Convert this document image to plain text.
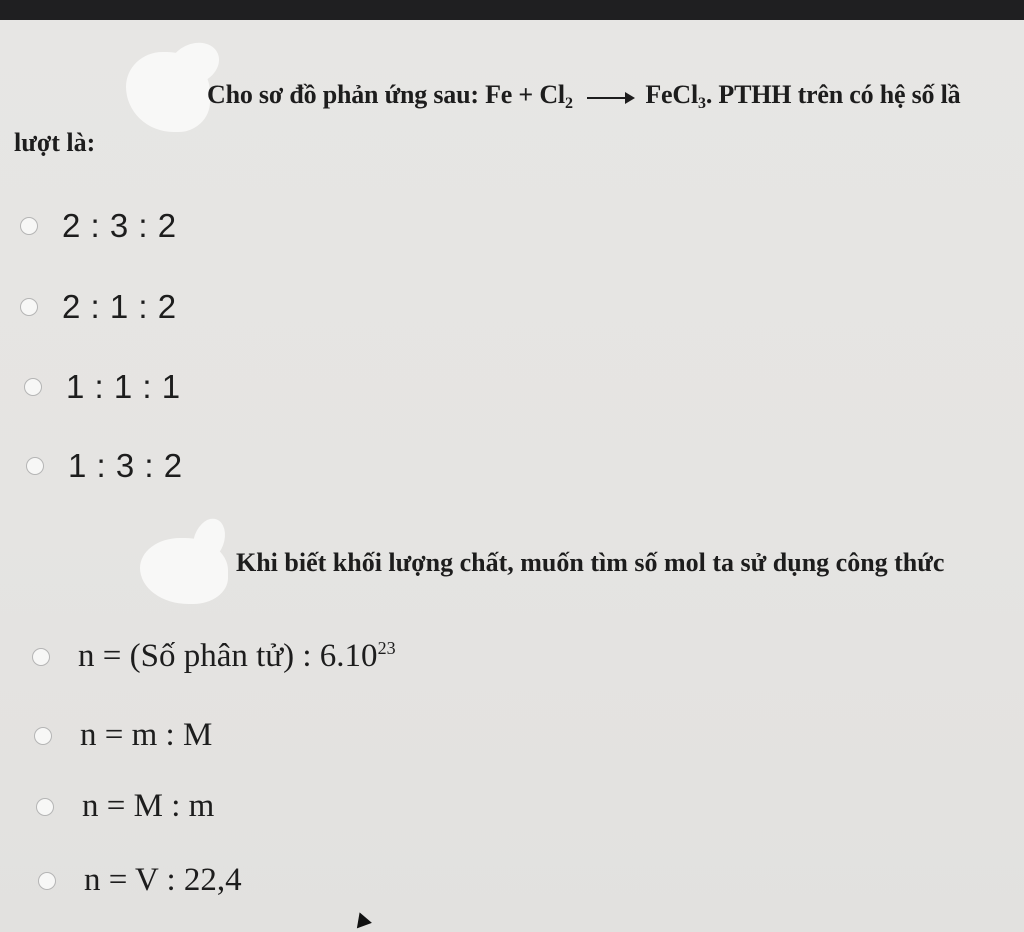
Cho sơ đồ phản ứng sau: $Fe + Cl_2$	FeCl$_3$. PTHH trên có hệ số lầ
lượt là:
2 : 3 : 2
2 : 1 : 2
1 : 1 : 1
1 : 3 : 2
Khi biết khối lượng chất, muốn tìm số mol ta sử dụng công thức
n = (Số phân tử) : 6.10$^{23}$
n = m : M
n = M : m
n = V : 22,4
